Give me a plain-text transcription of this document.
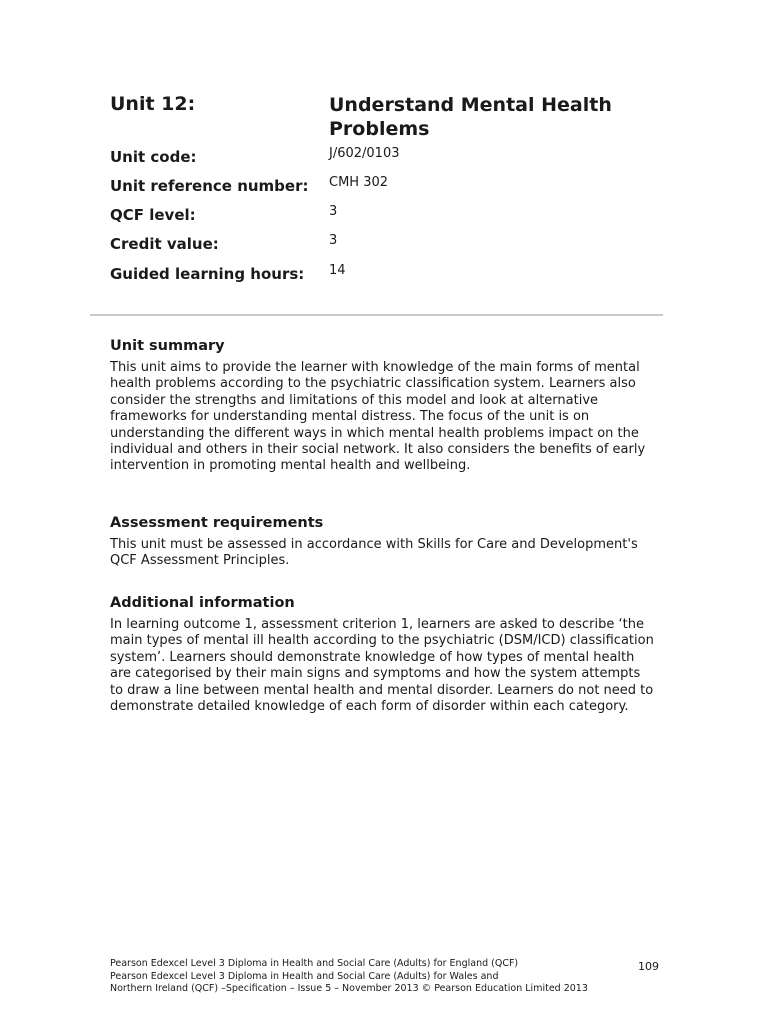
Unit 12:	Understand Mental Health Problems
Unit code:	J/602/0103
Unit reference number: CMH 302
QCF level:	3
Credit value:	3
Guided learning hours: 14
Unit summary

This unit aims to provide the learner with knowledge of the main forms of mental health problems according to the psychiatric classification system. Learners also consider the strengths and limitations of this model and look at alternative frameworks for understanding mental distress. The focus of the unit is on understanding the different ways in which mental health problems impact on the individual and others in their social network. It also considers the benefits of early intervention in promoting mental health and wellbeing.

Assessment requirements

This unit must be assessed in accordance with Skills for Care and Development's QCF Assessment Principles.

Additional information

In learning outcome 1, assessment criterion 1, learners are asked to describe ‘the main types of mental ill health according to the psychiatric (DSM/ICD) classification system’. Learners should demonstrate knowledge of how types of mental health are categorised by their main signs and symptoms and how the system attempts to draw a line between mental health and mental disorder. Learners do not need to demonstrate detailed knowledge of each form of disorder within each category.

Pearson Edexcel Level 3 Diploma in Health and Social Care (Adults) for England (QCF)
Pearson Edexcel Level 3 Diploma in Health and Social Care (Adults) for Wales and
Northern Ireland (QCF) –Specification – Issue 5 – November 2013 © Pearson Education Limited 2013
109
